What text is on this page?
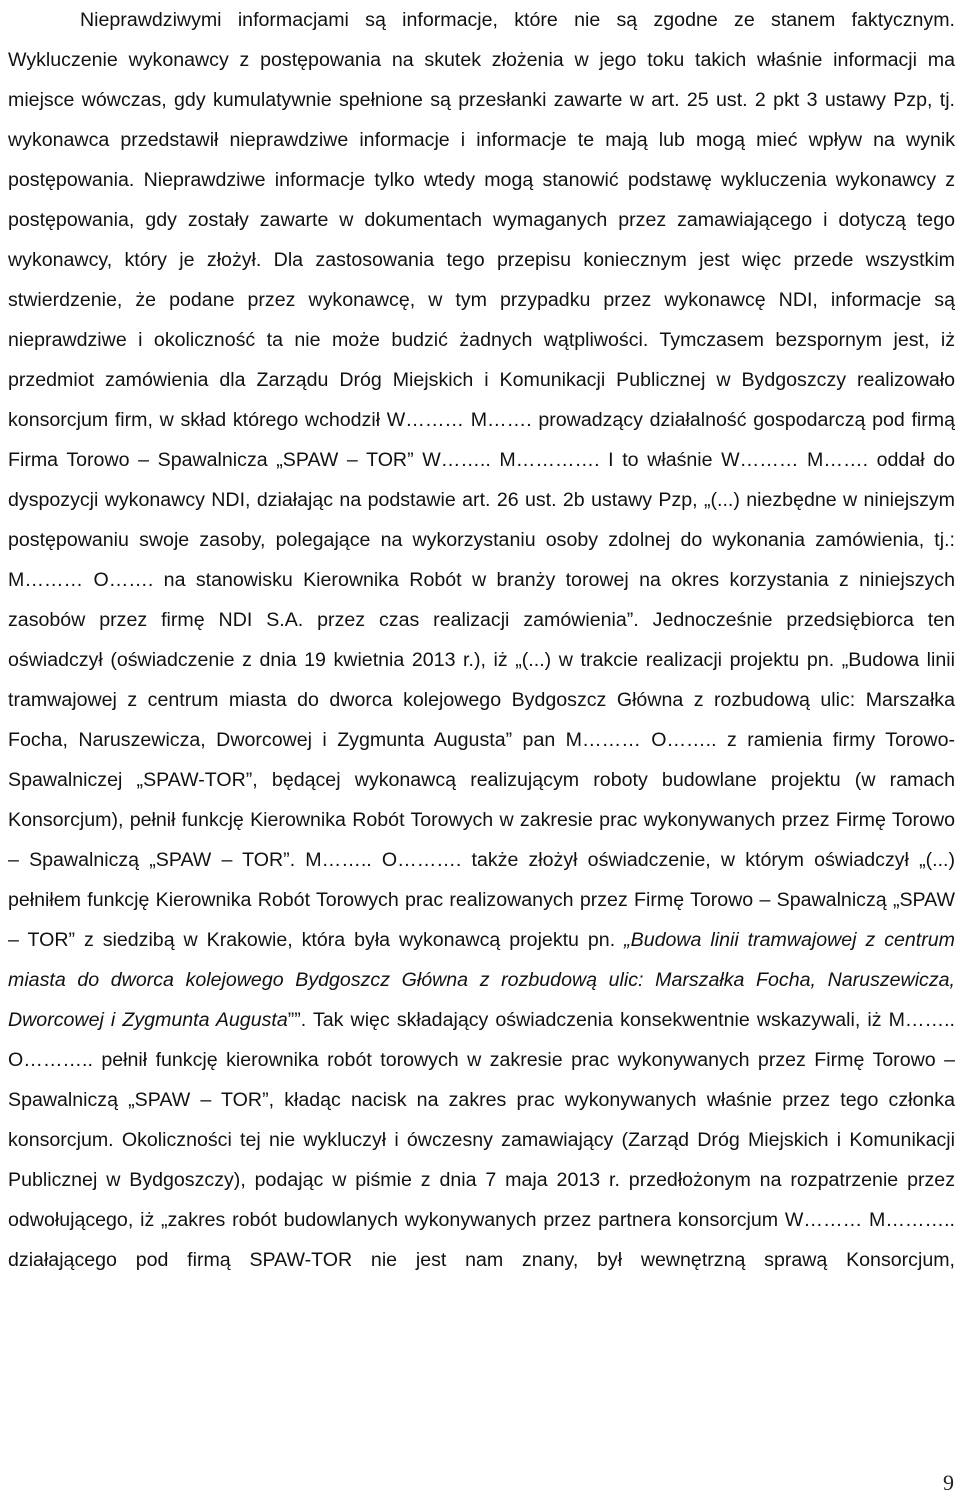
Nieprawdziwymi informacjami są informacje, które nie są zgodne ze stanem faktycznym. Wykluczenie wykonawcy z postępowania na skutek złożenia w jego toku takich właśnie informacji ma miejsce wówczas, gdy kumulatywnie spełnione są przesłanki zawarte w art. 25 ust. 2 pkt 3 ustawy Pzp, tj. wykonawca przedstawił nieprawdziwe informacje i informacje te mają lub mogą mieć wpływ na wynik postępowania. Nieprawdziwe informacje tylko wtedy mogą stanowić podstawę wykluczenia wykonawcy z postępowania, gdy zostały zawarte w dokumentach wymaganych przez zamawiającego i dotyczą tego wykonawcy, który je złożył. Dla zastosowania tego przepisu koniecznym jest więc przede wszystkim stwierdzenie, że podane przez wykonawcę, w tym przypadku przez wykonawcę NDI, informacje są nieprawdziwe i okoliczność ta nie może budzić żadnych wątpliwości. Tymczasem bezspornym jest, iż przedmiot zamówienia dla Zarządu Dróg Miejskich i Komunikacji Publicznej w Bydgoszczy realizowało konsorcjum firm, w skład którego wchodził W……… M……. prowadzący działalność gospodarczą pod firmą Firma Torowo – Spawalnicza „SPAW – TOR” W…….. M…………. I to właśnie W……… M……. oddał do dyspozycji wykonawcy NDI, działając na podstawie art. 26 ust. 2b ustawy Pzp, „(...) niezbędne w niniejszym postępowaniu swoje zasoby, polegające na wykorzystaniu osoby zdolnej do wykonania zamówienia, tj.: M……… O……. na stanowisku Kierownika Robót w branży torowej na okres korzystania z niniejszych zasobów przez firmę NDI S.A. przez czas realizacji zamówienia”. Jednocześnie przedsiębiorca ten oświadczył (oświadczenie z dnia 19 kwietnia 2013 r.), iż „(...) w trakcie realizacji projektu pn. „Budowa linii tramwajowej z centrum miasta do dworca kolejowego Bydgoszcz Główna z rozbudową ulic: Marszałka Focha, Naruszewicza, Dworcowej i Zygmunta Augusta” pan M……… O…….. z ramienia firmy Torowo-Spawalniczej „SPAW-TOR”, będącej wykonawcą realizującym roboty budowlane projektu (w ramach Konsorcjum), pełnił funkcję Kierownika Robót Torowych w zakresie prac wykonywanych przez Firmę Torowo – Spawalniczą „SPAW – TOR”. M…….. O………. także złożył oświadczenie, w którym oświadczył „(...) pełniłem funkcję Kierownika Robót Torowych prac realizowanych przez Firmę Torowo – Spawalniczą „SPAW – TOR” z siedzibą w Krakowie, która była wykonawcą projektu pn. „Budowa linii tramwajowej z centrum miasta do dworca kolejowego Bydgoszcz Główna z rozbudową ulic: Marszałka Focha, Naruszewicza, Dworcowej i Zygmunta Augusta””. Tak więc składający oświadczenia konsekwentnie wskazywali, iż M…….. O……….. pełnił funkcję kierownika robót torowych w zakresie prac wykonywanych przez Firmę Torowo – Spawalniczą „SPAW – TOR”, kładąc nacisk na zakres prac wykonywanych właśnie przez tego członka konsorcjum. Okoliczności tej nie wykluczył i ówczesny zamawiający (Zarząd Dróg Miejskich i Komunikacji Publicznej w Bydgoszczy), podając w piśmie z dnia 7 maja 2013 r. przedłożonym na rozpatrzenie przez odwołującego, iż „zakres robót budowlanych wykonywanych przez partnera konsorcjum W……… M……….. działającego pod firmą SPAW-TOR nie jest nam znany, był wewnętrzną sprawą Konsorcjum,

9
